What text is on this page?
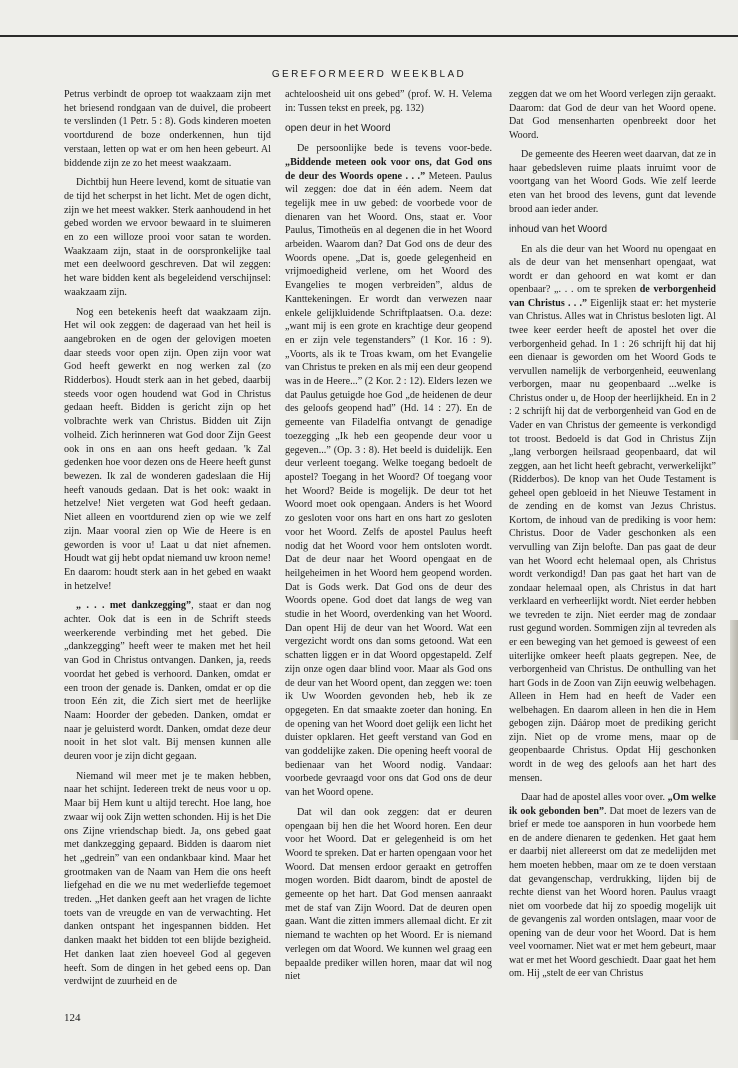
GEREFORMEERD WEEKBLAD

Petrus verbindt de oproep tot waakzaam zijn met het briesend rondgaan van de duivel, die probeert te verslinden (1 Petr. 5 : 8). Gods kinderen moeten voortdurend de boze onderkennen, hun tijd verstaan, letten op wat er om hen heen gebeurt. Al biddende zijn ze zo het meest waakzaam.

Dichtbij hun Heere levend, komt de situatie van de tijd het scherpst in het licht. Met de ogen dicht, zijn we het meest wakker. Sterk aanhoudend in het gebed worden we ervoor bewaard in te sluimeren en zo een willoze prooi voor satan te worden. Waakzaam zijn, staat in de oorspronkelijke taal met een deelwoord geschreven. Dat wil zeggen: het ware bidden kent als begeleidend verschijnsel: waakzaam zijn.

Nog een betekenis heeft dat waakzaam zijn. Het wil ook zeggen: de dageraad van het heil is aangebroken en de ogen der gelovigen moeten daar steeds voor open zijn. Open zijn voor wat God heeft gewerkt en nog werken zal (zo Ridderbos). Houdt sterk aan in het gebed, daarbij steeds voor ogen houdend wat God in Christus gedaan heeft. Bidden is gericht zijn op het volbrachte werk van Christus. Bidden uit Zijn volheid. Zich herinneren wat God door Zijn Geest ook in ons en aan ons heeft gedaan. 'k Zal gedenken hoe voor dezen ons de Heere heeft gunst bewezen. Ik zal de wonderen gadeslaan die Hij heeft vanouds gedaan. Dat is het ook: waakt in hetzelve! Niet vergeten wat God heeft gedaan. Niet alleen en voortdurend zien op wie we zelf zijn. Maar vooral zien op Wie de Heere is en geworden is voor u! Laat u dat niet afnemen. Houdt wat gij hebt opdat niemand uw kroon neme! En daarom: houdt sterk aan in het gebed en waakt in hetzelve!

„ . . . met dankzegging”, staat er dan nog achter. Ook dat is een in de Schrift steeds weerkerende verbinding met het gebed. Die „dankzegging” heeft weer te maken met het heil van God in Christus ontvangen. Danken, ja, reeds voordat het gebed is verhoord. Danken, omdat er een troon der genade is. Danken, omdat er op die troon Eén zit, die Zich siert met de heerlijke Naam: Hoorder der gebeden. Danken, omdat er naar je geluisterd wordt. Danken, omdat deze deur nooit in het slot valt. Bij mensen kunnen alle deuren voor je zijn dicht gegaan.

Niemand wil meer met je te maken hebben, naar het schijnt. Iedereen trekt de neus voor u op. Maar bij Hem kunt u altijd terecht. Hoe lang, hoe zwaar wij ook Zijn wetten schonden. Hij is het Die ons Zijne vriendschap biedt. Ja, ons gebed gaat met dankzegging gepaard. Bidden is daarom niet het „gedrein” van een ondankbaar kind. Maar het grootmaken van de Naam van Hem die ons heeft liefgehad en die we nu met wederliefde tegemoet treden. „Het danken geeft aan het vragen de lichte toets van de vreugde en van de verwachting. Het danken ontspant het ingespannen bidden. Het danken maakt het bidden tot een blijde bezigheid. Het danken laat zien hoeveel God al gegeven heeft. Som de dingen in het gebed eens op. Dan verdwijnt de zuurheid en de

achteloosheid uit ons gebed” (prof. W. H. Velema in: Tussen tekst en preek, pg. 132)

open deur in het Woord

De persoonlijke bede is tevens voor-bede. „Biddende meteen ook voor ons, dat God ons de deur des Woords opene . . .” Meteen. Paulus wil zeggen: doe dat in één adem. Neem dat tegelijk mee in uw gebed: de voorbede voor de dienaren van het Woord. Ons, staat er. Voor Paulus, Timotheüs en al degenen die in het Woord arbeiden. Waarom dan? Dat God ons de deur des Woords opene. „Dat is, goede gelegenheid en vrijmoedigheid verlene, om het Woord des Evangelies te mogen verbreiden”, aldus de Kanttekeningen. Er wordt dan verwezen naar enkele gelijkluidende Schriftplaatsen. O.a. deze: „want mij is een grote en krachtige deur geopend en er zijn vele tegenstanders” (1 Kor. 16 : 9). „Voorts, als ik te Troas kwam, om het Evangelie van Christus te preken en als mij een deur geopend was in de Heere...” (2 Kor. 2 : 12). Elders lezen we dat Paulus getuigde hoe God „de heidenen de deur des geloofs geopend had” (Hd. 14 : 27). En de gemeente van Filadelfia ontvangt de genadige toezegging „Ik heb een geopende deur voor u gegeven...” (Op. 3 : 8). Het beeld is duidelijk. Een deur verleent toegang. Welke toegang bedoelt de apostel? Toegang in het Woord? Of toegang voor het Woord? Beide is mogelijk. De deur tot het Woord moet ook opengaan. Anders is het Woord zo gesloten voor ons hart en ons hart zo gesloten voor het Woord. Zelfs de apostel Paulus heeft nodig dat het Woord voor hem ontsloten wordt. Dat de deur naar het Woord opengaat en de heilgeheimen in het Woord hem geopend worden. Dat is Gods werk. Dat God ons de deur des Woords opene. God doet dat langs de weg van studie in het Woord, overdenking van het Woord. Dan opent Hij de deur van het Woord. Wat een vergezicht wordt ons dan soms getoond. Wat een schatten liggen er in dat Woord opgestapeld. Zelf zijn onze ogen daar blind voor. Maar als God ons de deur van het Woord opent, dan zeggen we: toen ik Uw Woorden gevonden heb, heb ik ze opgegeten. En dat smaakte zoeter dan honing. En de opening van het Woord doet gelijk een licht het duister opklaren. Het geeft verstand van God en van goddelijke zaken. Die opening heeft vooral de bedienaar van het Woord nodig. Vandaar: voorbede gevraagd voor ons dat God ons de deur van het Woord opene.

Dat wil dan ook zeggen: dat er deuren opengaan bij hen die het Woord horen. Een deur voor het Woord. Dat er gelegenheid is om het Woord te spreken. Dat er harten opengaan voor het Woord. Dat mensen erdoor geraakt en getroffen mogen worden. Bidt daarom, bindt de apostel de gemeente op het hart. Dat God mensen aanraakt met de staf van Zijn Woord. Dat de deuren open gaan. Want die zitten immers allemaal dicht. Er zit niemand te wachten op het Woord. Er is niemand verlegen om dat Woord. We kunnen wel graag een bepaalde prediker willen horen, maar dat wil nog niet

zeggen dat we om het Woord verlegen zijn geraakt. Daarom: dat God de deur van het Woord opene. Dat God mensenharten openbreekt door het Woord.

De gemeente des Heeren weet daarvan, dat ze in haar gebedsleven ruime plaats inruimt voor de voortgang van het Woord Gods. Wie zelf leerde eten van het brood des levens, gunt dat levende brood aan ieder ander.

inhoud van het Woord

En als die deur van het Woord nu opengaat en als de deur van het mensenhart opengaat, wat wordt er dan gehoord en wat komt er dan openbaar? „. . . om te spreken de verborgenheid van Christus . . .” Eigenlijk staat er: het mysterie van Christus. Alles wat in Christus besloten ligt. Al twee keer eerder heeft de apostel het over die verborgenheid gehad. In 1 : 26 schrijft hij dat hij een dienaar is geworden om het Woord Gods te vervullen namelijk de verborgenheid, eeuwenlang verborgen, maar nu geopenbaard ...welke is Christus onder u, de Hoop der heerlijkheid. En in 2 : 2 schrijft hij dat de verborgenheid van God en de Vader en van Christus der gemeente is verkondigd tot troost. Bedoeld is dat God in Christus Zijn „lang verborgen heilsraad geopenbaard, dat wil zeggen, aan het licht heeft gebracht, verwerkelijkt” (Ridderbos). De knop van het Oude Testament is geheel open gebloeid in het Nieuwe Testament in de zending en de komst van Jezus Christus. Kortom, de inhoud van de prediking is voor hem: Christus. Door de Vader geschonken als een vervulling van Zijn belofte. Dan pas gaat de deur van het Woord echt helemaal open, als Christus wordt verkondigd! Dan pas gaat het hart van de zondaar helemaal open, als Christus in dat hart verklaard en verheerlijkt wordt. Niet eerder hebben we tevreden te zijn. Niet eerder mag de zondaar rust gegund worden. Sommigen zijn al tevreden als er een beweging van het gemoed is geweest of een uiterlijke omkeer heeft plaats gegrepen. Nee, de verborgenheid van Christus. De onthulling van het hart Gods in de Zoon van Zijn eeuwig welbehagen. Alleen in Hem had en heeft de Vader een welbehagen. En daarom alleen in hen die in Hem gebogen zijn. Dáárop moet de prediking gericht zijn. Niet op de vrome mens, maar op de geopenbaarde Christus. Opdat Hij geschonken wordt in de weg des geloofs aan het hart des mensen.

Daar had de apostel alles voor over. „Om welke ik ook gebonden ben”. Dat moet de lezers van de brief er mede toe aansporen in hun voorbede hem en de andere dienaren te gedenken. Het gaat hem er daarbij niet allereerst om dat ze medelijden met hem moeten hebben, maar om ze te doen verstaan dat gevangenschap, verdrukking, lijden bij de rechte dienst van het Woord horen. Paulus vraagt niet om voorbede dat hij zo spoedig mogelijk uit de gevangenis zal worden ontslagen, maar voor de opening van de deur voor het Woord. Dat is hem veel voornamer. Niet wat er met hem gebeurt, maar wat er met het Woord geschiedt. Daar gaat het hem om. Hij „stelt de eer van Christus

124
